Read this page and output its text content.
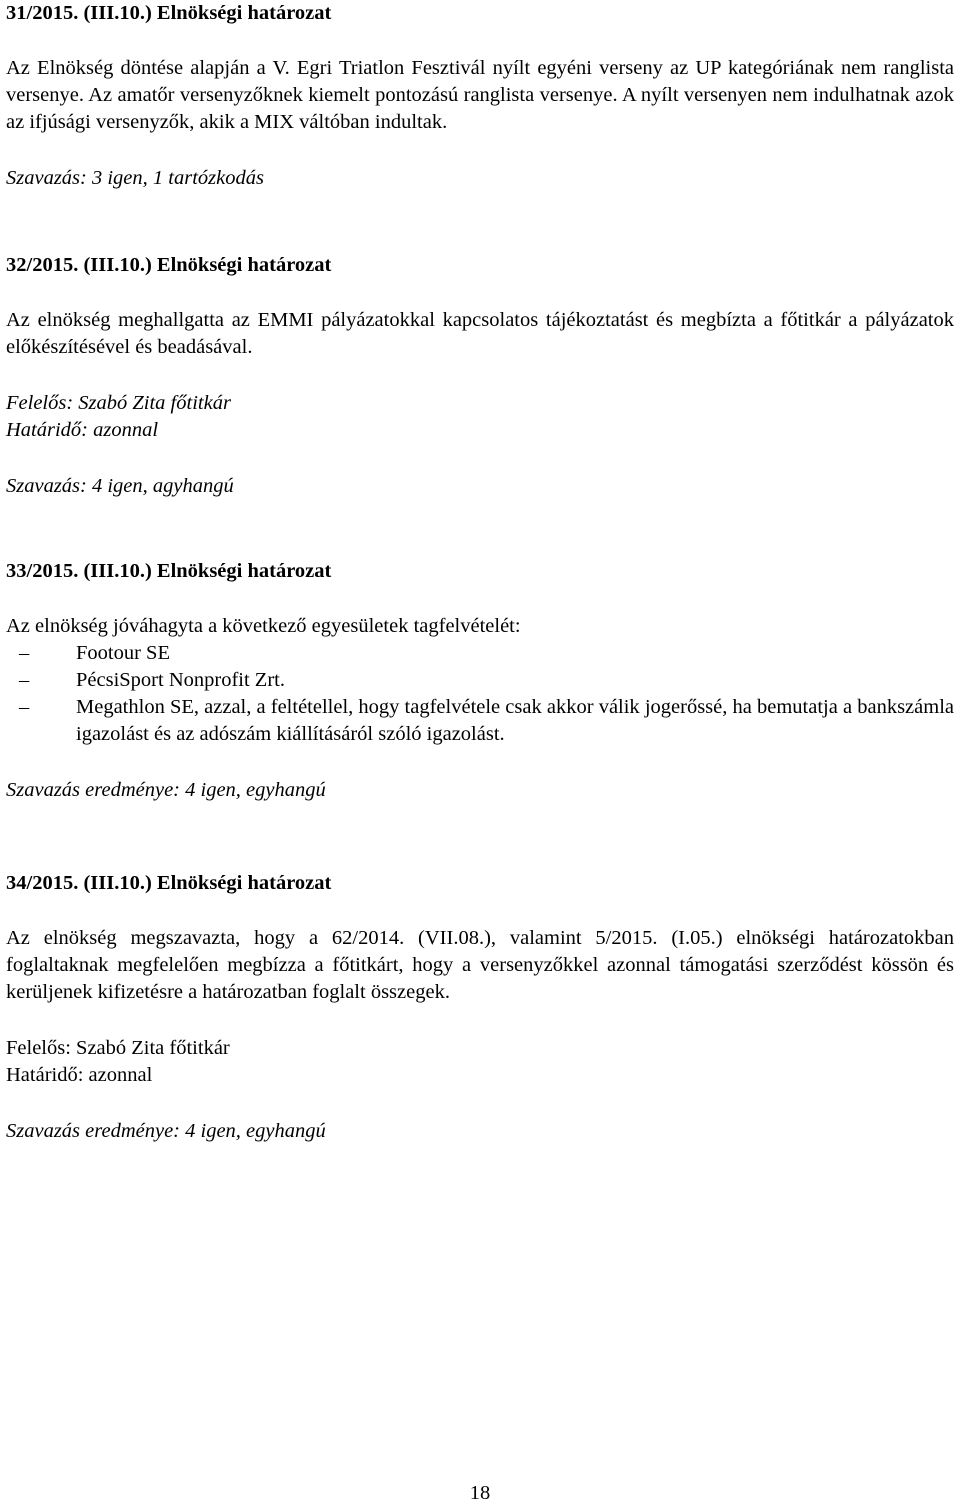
31/2015. (III.10.) Elnökségi határozat

Az Elnökség döntése alapján a V. Egri Triatlon Fesztivál nyílt egyéni verseny az UP kategóriának nem ranglista versenye. Az amatőr versenyzőknek kiemelt pontozású ranglista versenye. A nyílt versenyen nem indulhatnak azok az ifjúsági versenyzők, akik a MIX váltóban indultak.

Szavazás: 3 igen, 1 tartózkodás

32/2015. (III.10.) Elnökségi határozat

Az elnökség meghallgatta az EMMI pályázatokkal kapcsolatos tájékoztatást és megbízta a főtitkár a pályázatok előkészítésével és beadásával.

Felelős: Szabó Zita főtitkár

Határidő: azonnal

Szavazás: 4 igen, agyhangú

33/2015. (III.10.) Elnökségi határozat

Az elnökség jóváhagyta a következő egyesületek tagfelvételét:

– Footour SE
– PécsiSport Nonprofit Zrt.
– Megathlon SE, azzal, a feltétellel, hogy tagfelvétele csak akkor válik jogerőssé, ha bemutatja a bankszámla igazolást és az adószám kiállításáról szóló igazolást.

Szavazás eredménye: 4 igen, egyhangú

34/2015. (III.10.) Elnökségi határozat

Az elnökség megszavazta, hogy a 62/2014. (VII.08.), valamint 5/2015. (I.05.) elnökségi határozatokban foglaltaknak megfelelően megbízza a főtitkárt, hogy a versenyzőkkel azonnal támogatási szerződést kössön és kerüljenek kifizetésre a határozatban foglalt összegek.

Felelős: Szabó Zita főtitkár

Határidő: azonnal

Szavazás eredménye: 4 igen, egyhangú

18
